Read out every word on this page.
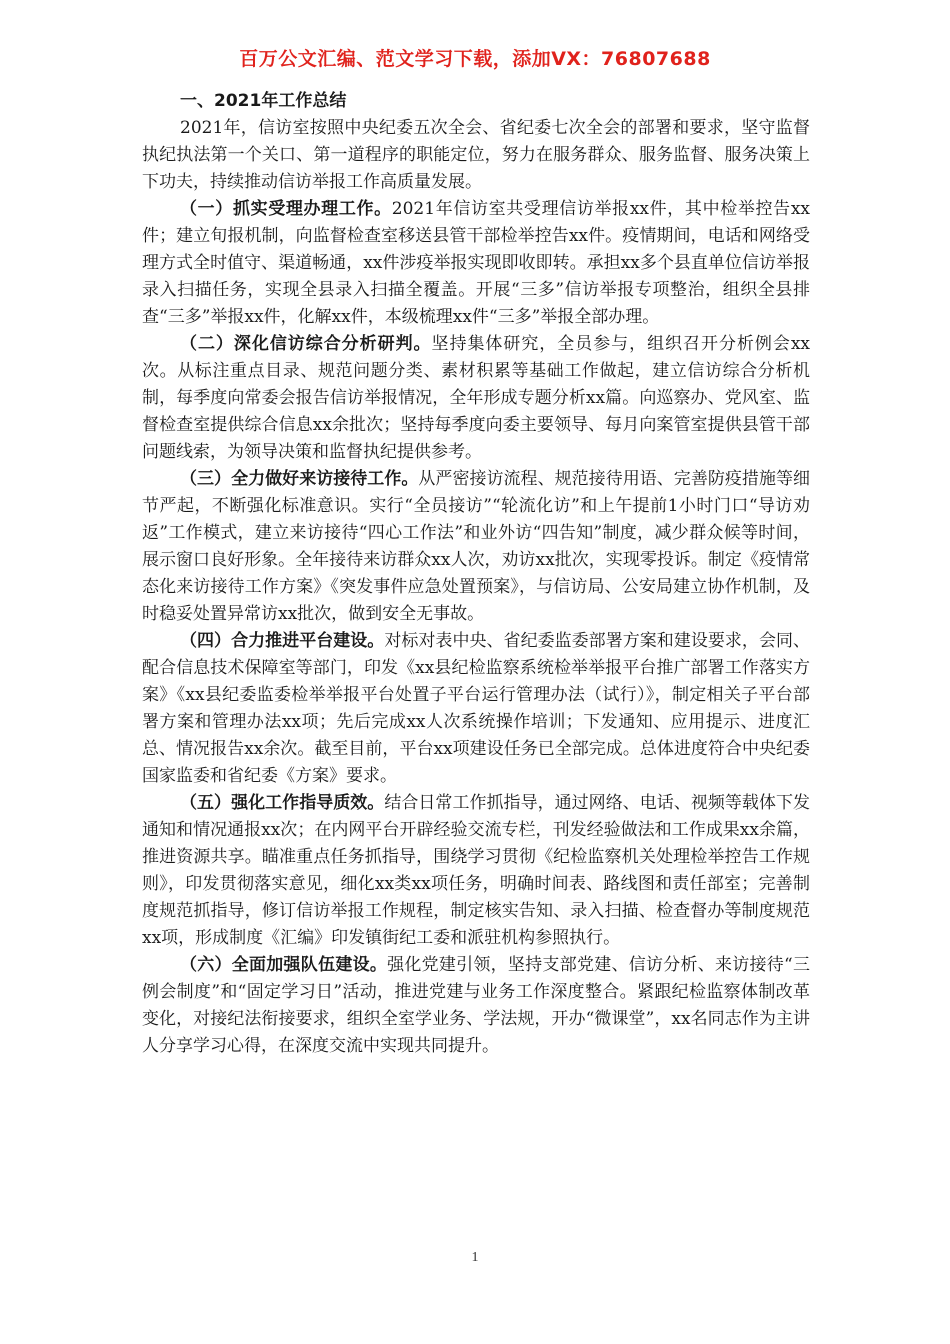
百万公文汇编、范文学习下载，添加VX：76807688

一、2021年工作总结

2021年，信访室按照中央纪委五次全会、省纪委七次全会的部署和要求，坚守监督执纪执法第一个关口、第一道程序的职能定位，努力在服务群众、服务监督、服务决策上下功夫，持续推动信访举报工作高质量发展。

（一）抓实受理办理工作。2021年信访室共受理信访举报xx件，其中检举控告xx件；建立旬报机制，向监督检查室移送县管干部检举控告xx件。疫情期间，电话和网络受理方式全时值守、渠道畅通，xx件涉疫举报实现即收即转。承担xx多个县直单位信访举报录入扫描任务，实现全县录入扫描全覆盖。开展“三多”信访举报专项整治，组织全县排查“三多”举报xx件，化解xx件，本级梳理xx件“三多”举报全部办理。

（二）深化信访综合分析研判。坚持集体研究，全员参与，组织召开分析例会xx次。从标注重点目录、规范问题分类、素材积累等基础工作做起，建立信访综合分析机制，每季度向常委会报告信访举报情况，全年形成专题分析xx篇。向巡察办、党风室、监督检查室提供综合信息xx余批次；坚持每季度向委主要领导、每月向案管室提供县管干部问题线索，为领导决策和监督执纪提供参考。

（三）全力做好来访接待工作。从严密接访流程、规范接待用语、完善防疫措施等细节严起，不断强化标准意识。实行“全员接访”“轮流化访”和上午提前1小时门口“导访劝返”工作模式，建立来访接待“四心工作法”和业外访“四告知”制度，减少群众候等时间，展示窗口良好形象。全年接待来访群众xx人次，劝访xx批次，实现零投诉。制定《疫情常态化来访接待工作方案》《突发事件应急处置预案》，与信访局、公安局建立协作机制，及时稳妥处置异常访xx批次，做到安全无事故。

（四）合力推进平台建设。对标对表中央、省纪委监委部署方案和建设要求，会同、配合信息技术保障室等部门，印发《xx县纪检监察系统检举举报平台推广部署工作落实方案》《xx县纪委监委检举举报平台处置子平台运行管理办法（试行）》，制定相关子平台部署方案和管理办法xx项；先后完成xx人次系统操作培训；下发通知、应用提示、进度汇总、情况报告xx余次。截至目前，平台xx项建设任务已全部完成。总体进度符合中央纪委国家监委和省纪委《方案》要求。

（五）强化工作指导质效。结合日常工作抓指导，通过网络、电话、视频等载体下发通知和情况通报xx次；在内网平台开辟经验交流专栏，刊发经验做法和工作成果xx余篇，推进资源共享。瞄准重点任务抓指导，围绕学习贯彻《纪检监察机关处理检举控告工作规则》，印发贯彻落实意见，细化xx类xx项任务，明确时间表、路线图和责任部室；完善制度规范抓指导，修订信访举报工作规程，制定核实告知、录入扫描、检查督办等制度规范xx项，形成制度《汇编》印发镇街纪工委和派驻机构参照执行。

（六）全面加强队伍建设。强化党建引领，坚持支部党建、信访分析、来访接待“三例会制度”和“固定学习日”活动，推进党建与业务工作深度整合。紧跟纪检监察体制改革变化，对接纪法衔接要求，组织全室学业务、学法规，开办“微课堂”，xx名同志作为主讲人分享学习心得，在深度交流中实现共同提升。

1
